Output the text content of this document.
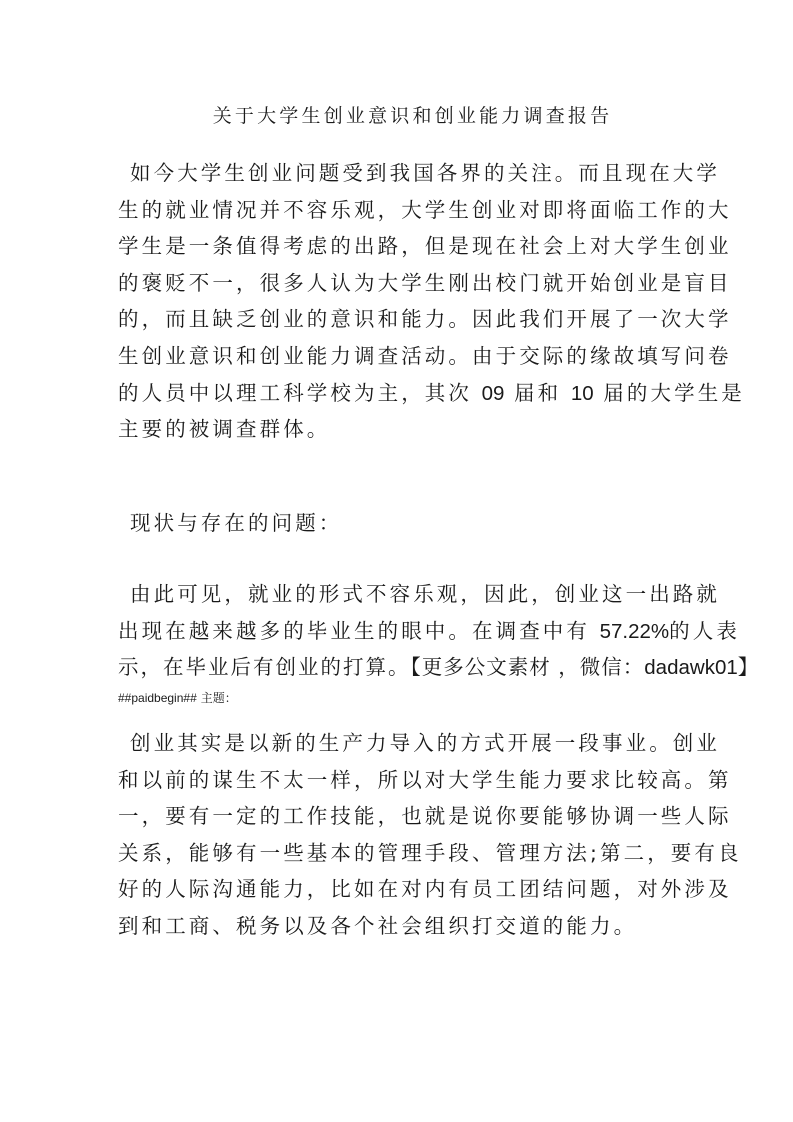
关于大学生创业意识和创业能力调查报告
如今大学生创业问题受到我国各界的关注。而且现在大学
生的就业情况并不容乐观，大学生创业对即将面临工作的大
学生是一条值得考虑的出路，但是现在社会上对大学生创业
的褒贬不一，很多人认为大学生刚出校门就开始创业是盲目
的，而且缺乏创业的意识和能力。因此我们开展了一次大学
生创业意识和创业能力调查活动。由于交际的缘故填写问卷
的人员中以理工科学校为主，其次 09 届和 10 届的大学生是
主要的被调查群体。
现状与存在的问题：
由此可见，就业的形式不容乐观，因此，创业这一出路就
出现在越来越多的毕业生的眼中。在调查中有 57.22%的人表
示，在毕业后有创业的打算。【更多公文素材 ，微信：dadawk01】
##paidbegin## 主题：
创业其实是以新的生产力导入的方式开展一段事业。创业
和以前的谋生不太一样，所以对大学生能力要求比较高。第
一，要有一定的工作技能，也就是说你要能够协调一些人际
关系，能够有一些基本的管理手段、管理方法;第二，要有良
好的人际沟通能力，比如在对内有员工团结问题，对外涉及
到和工商、税务以及各个社会组织打交道的能力。
